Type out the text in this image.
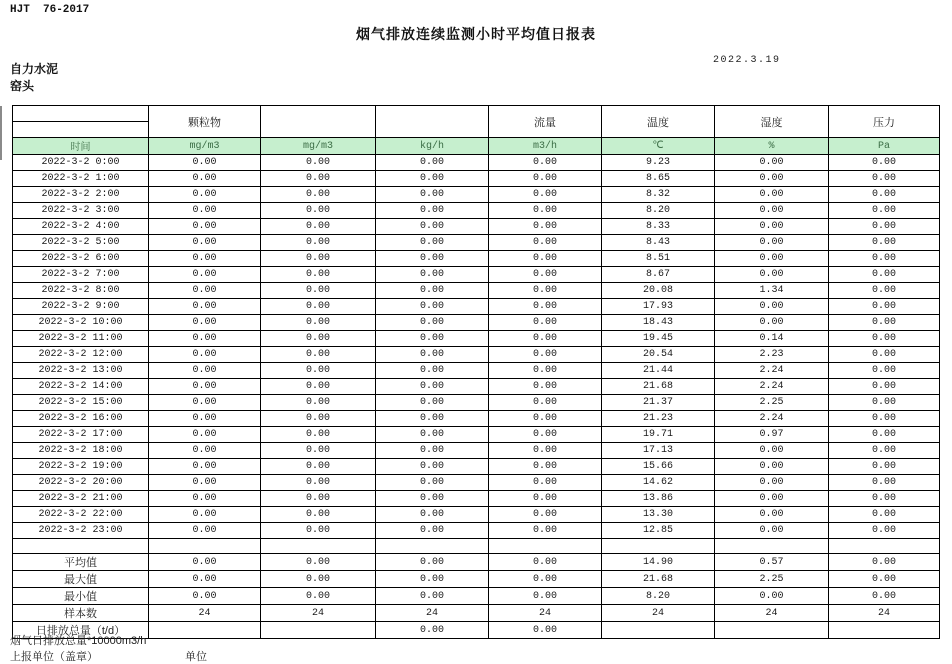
HJT  76-2017
烟气排放连续监测小时平均值日报表
自力水泥
窑头
2022.3.19
	颗粒物			流量	温度	湿度	压力

时间	mg/m3	mg/m3	kg/h	m3/h	℃	%	Pa
2022-3-2 0:00	0.00	0.00	0.00	0.00	9.23	0.00	0.00
2022-3-2 1:00	0.00	0.00	0.00	0.00	8.65	0.00	0.00
2022-3-2 2:00	0.00	0.00	0.00	0.00	8.32	0.00	0.00
2022-3-2 3:00	0.00	0.00	0.00	0.00	8.20	0.00	0.00
2022-3-2 4:00	0.00	0.00	0.00	0.00	8.33	0.00	0.00
2022-3-2 5:00	0.00	0.00	0.00	0.00	8.43	0.00	0.00
2022-3-2 6:00	0.00	0.00	0.00	0.00	8.51	0.00	0.00
2022-3-2 7:00	0.00	0.00	0.00	0.00	8.67	0.00	0.00
2022-3-2 8:00	0.00	0.00	0.00	0.00	20.08	1.34	0.00
2022-3-2 9:00	0.00	0.00	0.00	0.00	17.93	0.00	0.00
2022-3-2 10:00	0.00	0.00	0.00	0.00	18.43	0.00	0.00
2022-3-2 11:00	0.00	0.00	0.00	0.00	19.45	0.14	0.00
2022-3-2 12:00	0.00	0.00	0.00	0.00	20.54	2.23	0.00
2022-3-2 13:00	0.00	0.00	0.00	0.00	21.44	2.24	0.00
2022-3-2 14:00	0.00	0.00	0.00	0.00	21.68	2.24	0.00
2022-3-2 15:00	0.00	0.00	0.00	0.00	21.37	2.25	0.00
2022-3-2 16:00	0.00	0.00	0.00	0.00	21.23	2.24	0.00
2022-3-2 17:00	0.00	0.00	0.00	0.00	19.71	0.97	0.00
2022-3-2 18:00	0.00	0.00	0.00	0.00	17.13	0.00	0.00
2022-3-2 19:00	0.00	0.00	0.00	0.00	15.66	0.00	0.00
2022-3-2 20:00	0.00	0.00	0.00	0.00	14.62	0.00	0.00
2022-3-2 21:00	0.00	0.00	0.00	0.00	13.86	0.00	0.00
2022-3-2 22:00	0.00	0.00	0.00	0.00	13.30	0.00	0.00
2022-3-2 23:00	0.00	0.00	0.00	0.00	12.85	0.00	0.00

平均值	0.00	0.00	0.00	0.00	14.90	0.57	0.00
最大值	0.00	0.00	0.00	0.00	21.68	2.25	0.00
最小值	0.00	0.00	0.00	0.00	8.20	0.00	0.00
样本数	24	24	24	24	24	24	24
日排放总量（t/d）			0.00	0.00			
烟气日排放总量*10000m3/h
上报单位（盖章）	单位
